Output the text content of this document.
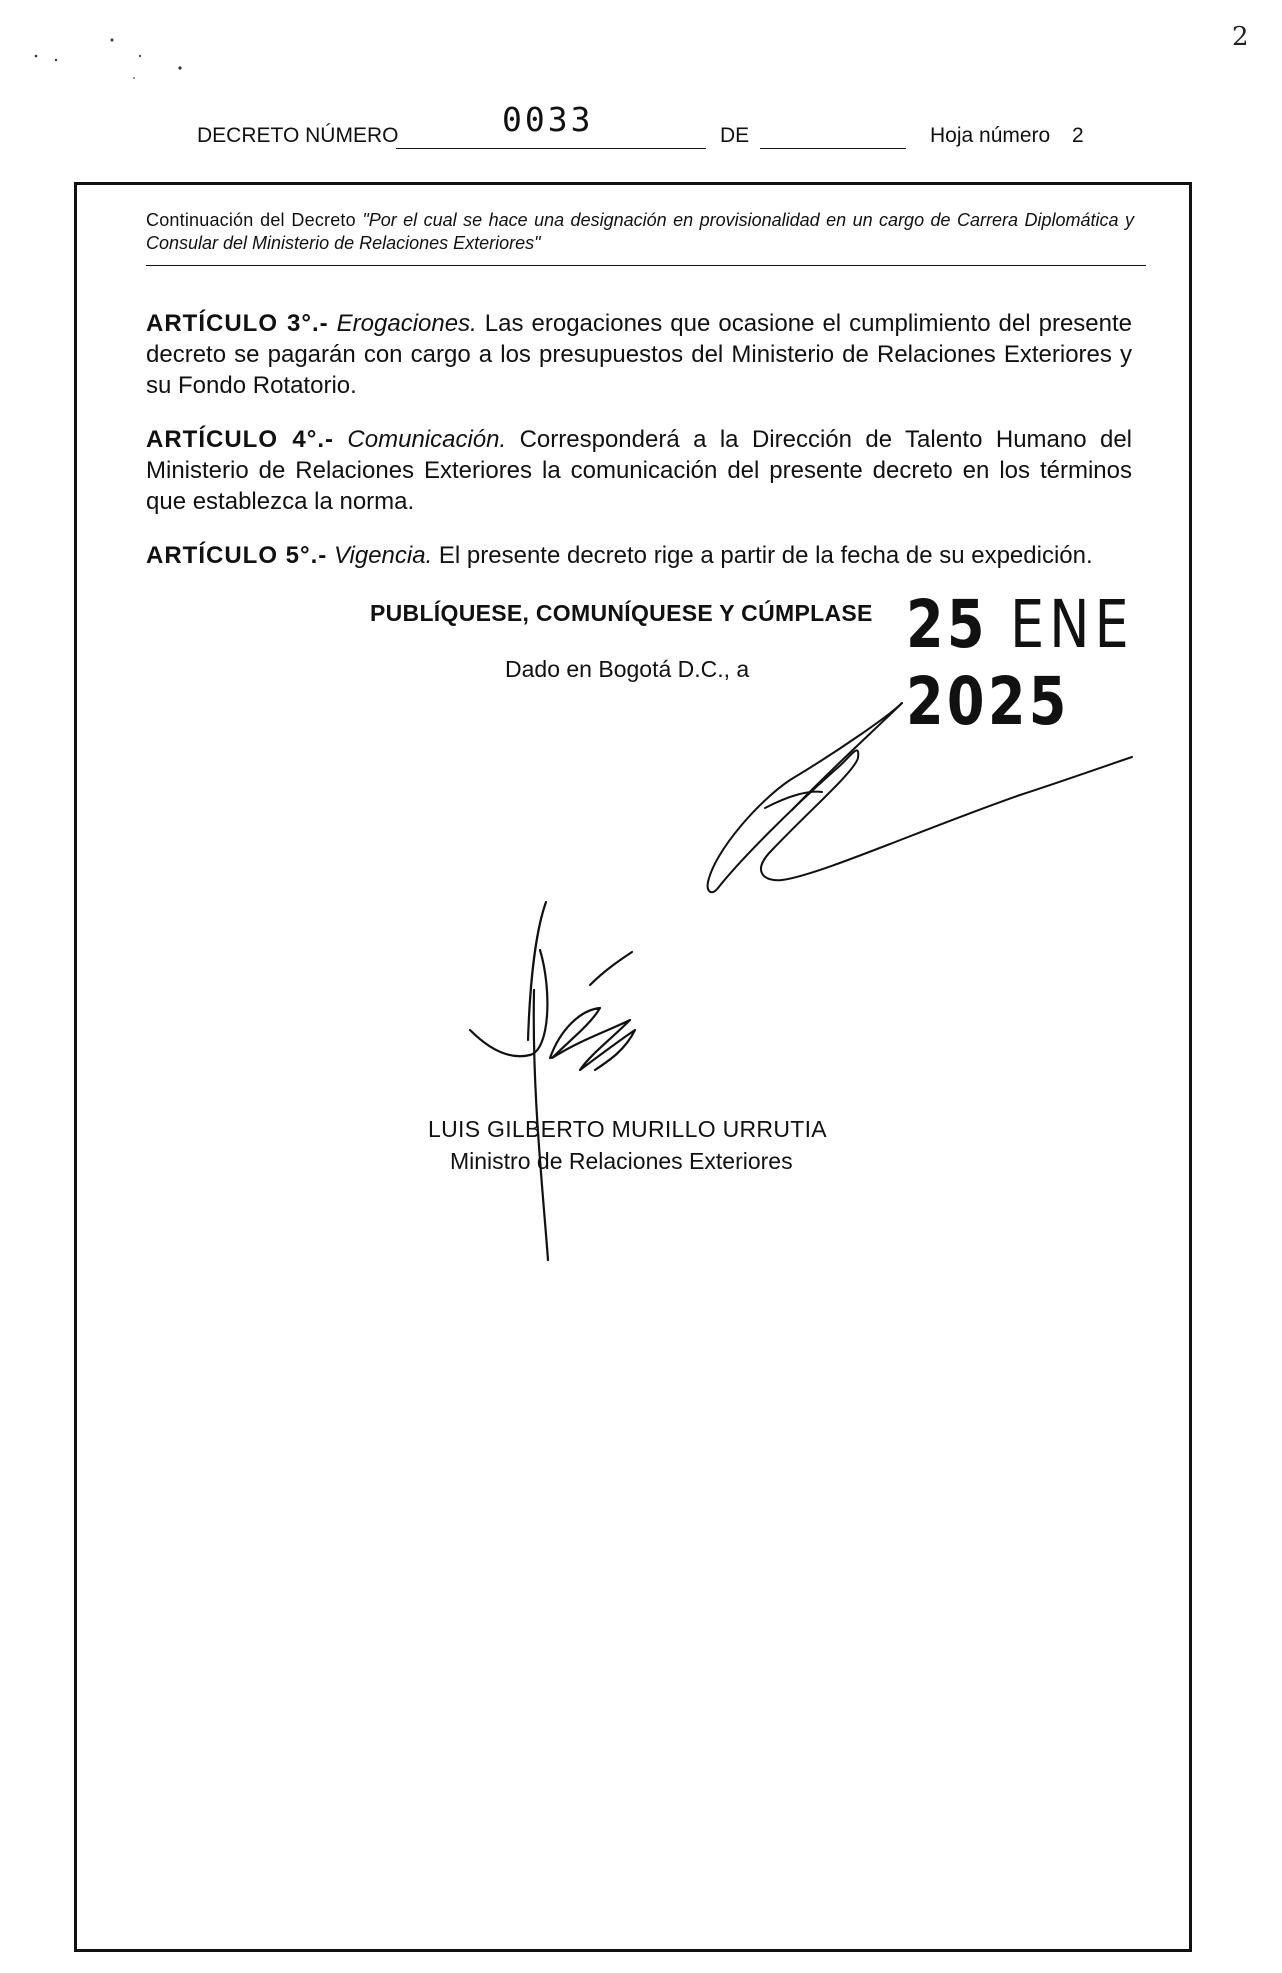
2
DECRETO NÚMERO	0033	DE	Hoja número 2
Continuación del Decreto "Por el cual se hace una designación en provisionalidad en un cargo de Carrera Diplomática y Consular del Ministerio de Relaciones Exteriores"
ARTÍCULO 3°.- Erogaciones. Las erogaciones que ocasione el cumplimiento del presente decreto se pagarán con cargo a los presupuestos del Ministerio de Relaciones Exteriores y su Fondo Rotatorio.
ARTÍCULO 4°.- Comunicación. Corresponderá a la Dirección de Talento Humano del Ministerio de Relaciones Exteriores la comunicación del presente decreto en los términos que establezca la norma.
ARTÍCULO 5°.- Vigencia. El presente decreto rige a partir de la fecha de su expedición.
PUBLÍQUESE, COMUNÍQUESE Y CÚMPLASE
Dado en Bogotá D.C., a
25 ENE 2025
LUIS GILBERTO MURILLO URRUTIA
Ministro de Relaciones Exteriores
